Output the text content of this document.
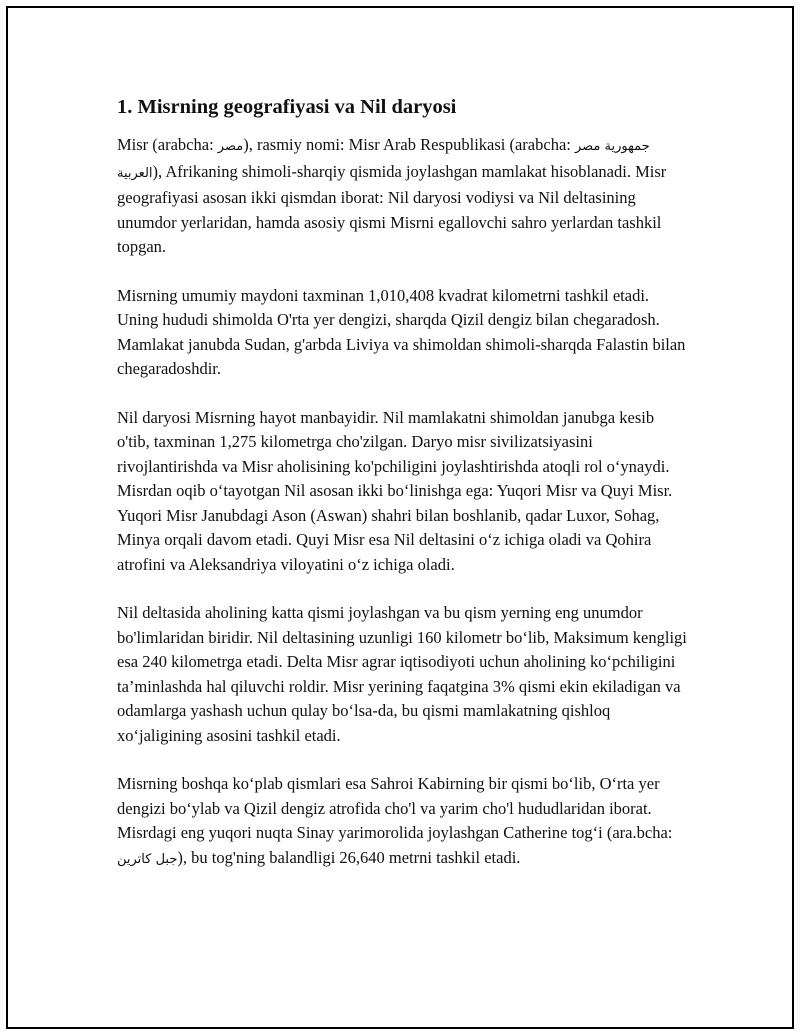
1. Misrning geografiyasi va Nil daryosi

Misr (arabcha: مصر), rasmiy nomi: Misr Arab Respublikasi (arabcha: جمهورية مصر العربية), Afrikaning shimoli-sharqiy qismida joylashgan mamlakat hisoblanadi. Misr geografiyasi asosan ikki qismdan iborat: Nil daryosi vodiysi va Nil deltasining unumdor yerlaridan, hamda asosiy qismi Misrni egallovchi sahro yerlardan tashkil topgan.

Misrning umumiy maydoni taxminan 1,010,408 kvadrat kilometrni tashkil etadi. Uning hududi shimolda O'rta yer dengizi, sharqda Qizil dengiz bilan chegaradosh. Mamlakat janubda Sudan, g'arbda Liviya va shimoldan shimoli-sharqda Falastin bilan chegaradoshdir.

Nil daryosi Misrning hayot manbayidir. Nil mamlakatni shimoldan janubga kesib o'tib, taxminan 1,275 kilometrga cho'zilgan. Daryo misr sivilizatsiyasini rivojlantirishda va Misr aholisining ko'pchiligini joylashtirishda atoqli rol o‘ynaydi. Misrdan oqib o‘tayotgan Nil asosan ikki bo‘linishga ega: Yuqori Misr va Quyi Misr. Yuqori Misr Janubdagi Ason (Aswan) shahri bilan boshlanib, qadar Luxor, Sohag, Minya orqali davom etadi. Quyi Misr esa Nil deltasini o‘z ichiga oladi va Qohira atrofini va Aleksandriya viloyatini o‘z ichiga oladi.

Nil deltasida aholining katta qismi joylashgan va bu qism yerning eng unumdor bo'limlaridan biridir. Nil deltasining uzunligi 160 kilometr bo‘lib, Maksimum kengligi esa 240 kilometrga etadi. Delta Misr agrar iqtisodiyoti uchun aholining ko‘pchiligini ta’minlashda hal qiluvchi roldir. Misr yerining faqatgina 3% qismi ekin ekiladigan va odamlarga yashash uchun qulay bo‘lsa-da, bu qismi mamlakatning qishloq xo‘jaligining asosini tashkil etadi.

Misrning boshqa ko‘plab qismlari esa Sahroi Kabirning bir qismi bo‘lib, O‘rta yer dengizi bo‘ylab va Qizil dengiz atrofida cho'l va yarim cho'l hududlaridan iborat. Misrdagi eng yuqori nuqta Sinay yarimorolida joylashgan Catherine tog‘i (ara.bcha: جبل كاترين), bu tog'ning balandligi 26,640 metrni tashkil etadi.
